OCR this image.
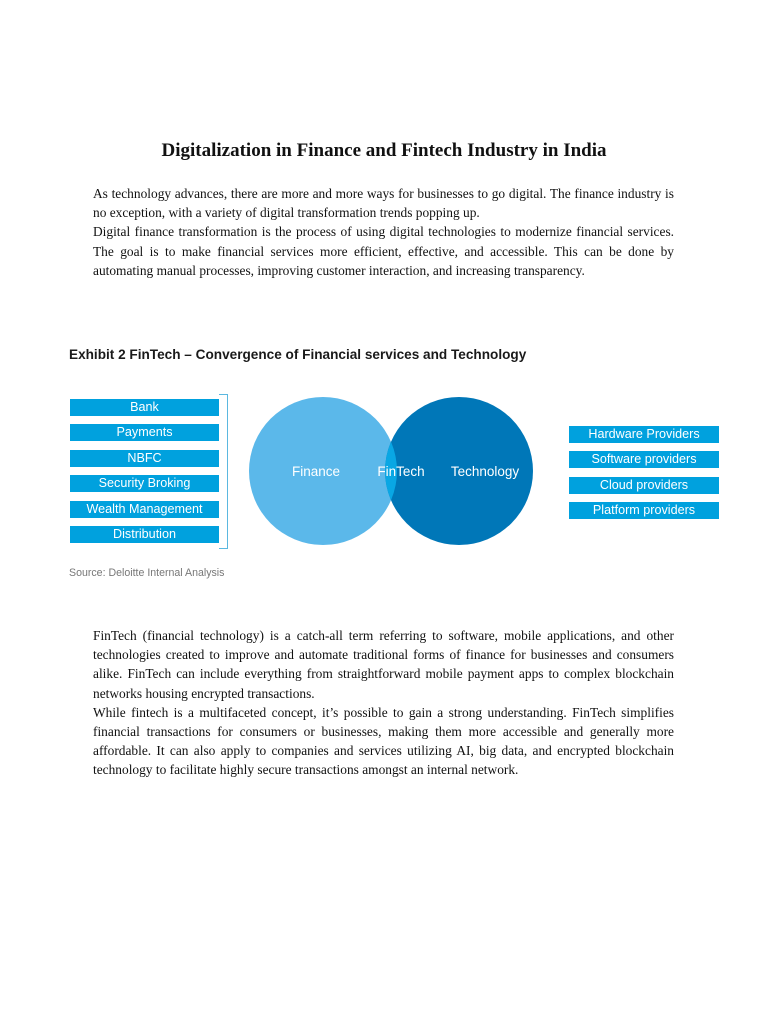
Digitalization in Finance and Fintech Industry in India

As technology advances, there are more and more ways for businesses to go digital. The finance industry is no exception, with a variety of digital transformation trends popping up.

Digital finance transformation is the process of using digital technologies to modernize financial services. The goal is to make financial services more efficient, effective, and accessible. This can be done by automating manual processes, improving customer interaction, and increasing transparency.

Exhibit 2 FinTech – Convergence of Financial services and Technology
Bank
Payments
NBFC
Security Broking
Wealth Management
Distribution
Finance	FinTech Technology
Hardware Providers
Software providers
Cloud providers
Platform providers
Source: Deloitte Internal Analysis

FinTech (financial technology) is a catch-all term referring to software, mobile applications, and other technologies created to improve and automate traditional forms of finance for businesses and consumers alike. FinTech can include everything from straightforward mobile payment apps to complex blockchain networks housing encrypted transactions.

While fintech is a multifaceted concept, it’s possible to gain a strong understanding. FinTech simplifies financial transactions for consumers or businesses, making them more accessible and generally more affordable. It can also apply to companies and services utilizing AI, big data, and encrypted blockchain technology to facilitate highly secure transactions amongst an internal network.
